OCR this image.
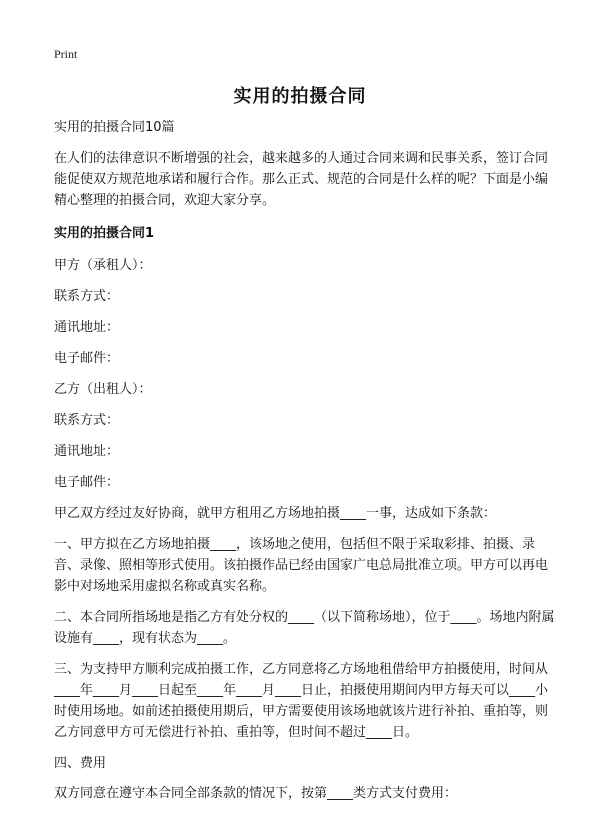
Print
实用的拍摄合同

实用的拍摄合同10篇

在人们的法律意识不断增强的社会，越来越多的人通过合同来调和民事关系，签订合同能促使双方规范地承诺和履行合作。那么正式、规范的合同是什么样的呢？下面是小编精心整理的拍摄合同，欢迎大家分享。

实用的拍摄合同1

甲方（承租人）：

联系方式：

通讯地址：

电子邮件：

乙方（出租人）：

联系方式：

通讯地址：

电子邮件：

甲乙双方经过友好协商，就甲方租用乙方场地拍摄____一事，达成如下条款：

一、甲方拟在乙方场地拍摄____，该场地之使用，包括但不限于采取彩排、拍摄、录音、录像、照相等形式使用。该拍摄作品已经由国家广电总局批准立项。甲方可以再电影中对场地采用虚拟名称或真实名称。

二、本合同所指场地是指乙方有处分权的____（以下简称场地），位于____。场地内附属设施有____，现有状态为____。

三、为支持甲方顺利完成拍摄工作，乙方同意将乙方场地租借给甲方拍摄使用，时间从____年____月____日起至____年____月____日止，拍摄使用期间内甲方每天可以____小时使用场地。如前述拍摄使用期后，甲方需要使用该场地就该片进行补拍、重拍等，则乙方同意甲方可无偿进行补拍、重拍等，但时间不超过____日。

四、费用

双方同意在遵守本合同全部条款的情况下，按第____类方式支付费用：
